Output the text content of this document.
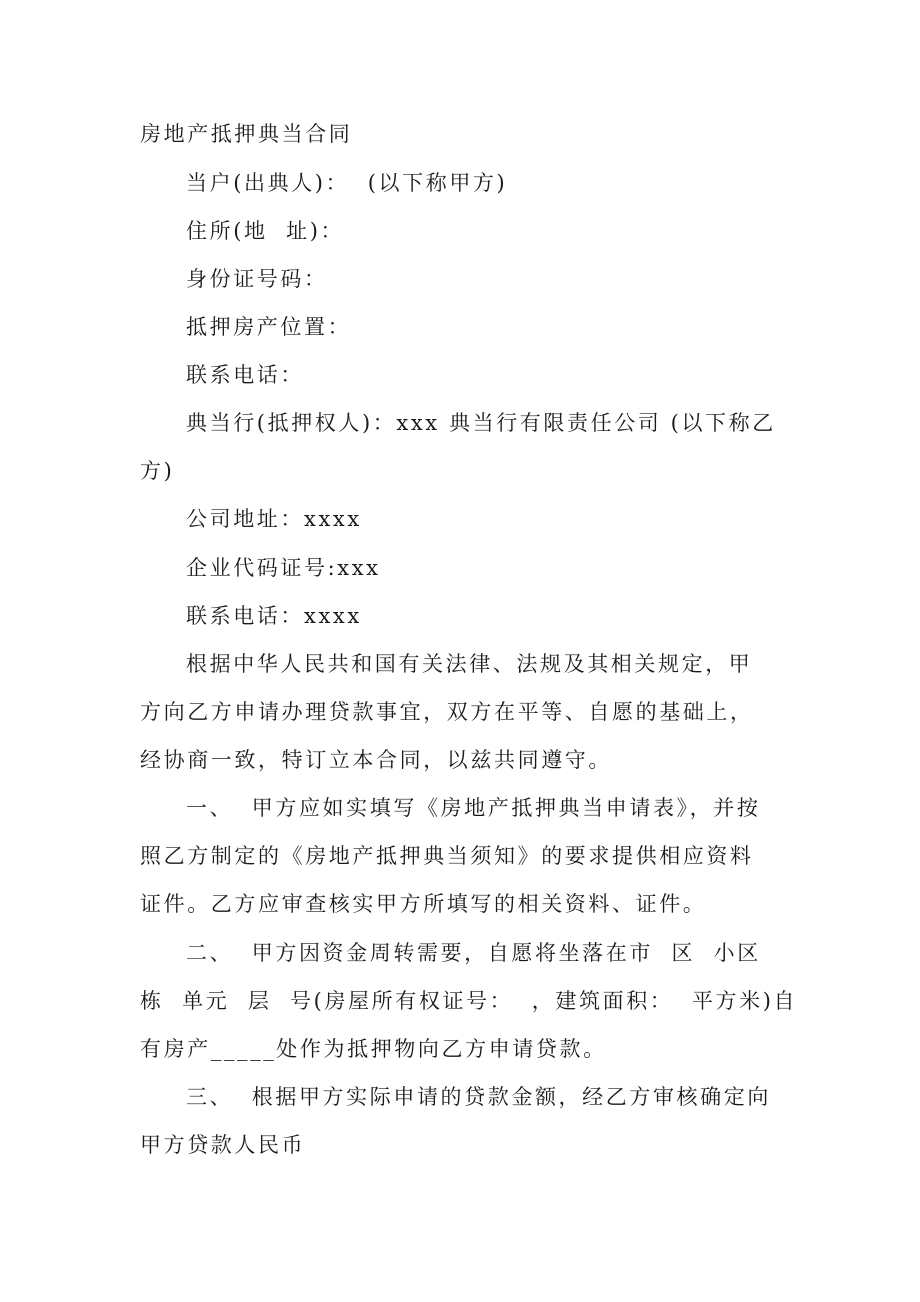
房地产抵押典当合同
当户(出典人)：  (以下称甲方)
住所(地  址)：
身份证号码：
抵押房产位置：
联系电话：
典当行(抵押权人)：xxx 典当行有限责任公司 (以下称乙
方)
公司地址：xxxx
企业代码证号:xxx
联系电话：xxxx
根据中华人民共和国有关法律、法规及其相关规定，甲
方向乙方申请办理贷款事宜，双方在平等、自愿的基础上，
经协商一致，特订立本合同，以兹共同遵守。
一、  甲方应如实填写《房地产抵押典当申请表》，并按
照乙方制定的《房地产抵押典当须知》的要求提供相应资料
证件。乙方应审查核实甲方所填写的相关资料、证件。
二、  甲方因资金周转需要，自愿将坐落在市  区  小区
栋  单元  层  号(房屋所有权证号：  ，建筑面积：  平方米)自
有房产_____处作为抵押物向乙方申请贷款。
三、  根据甲方实际申请的贷款金额，经乙方审核确定向
甲方贷款人民币
